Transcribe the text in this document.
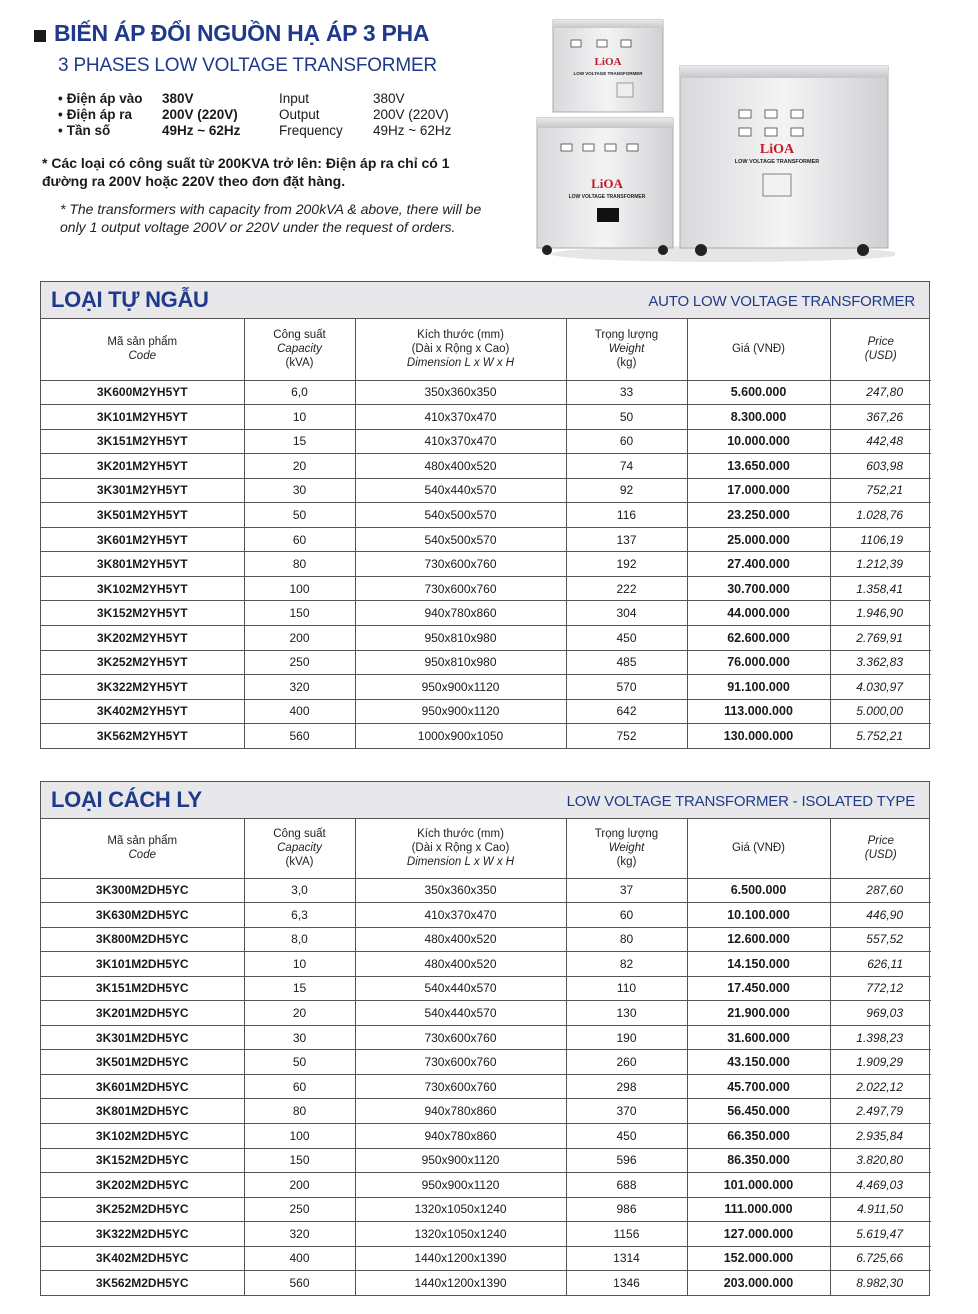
BIẾN ÁP ĐỔI NGUỒN HẠ ÁP 3 PHA
3 PHASES LOW VOLTAGE TRANSFORMER
• Điện áp vào	380V	Input	380V
• Điện áp ra	200V (220V)	Output	200V (220V)
• Tần số	49Hz ~ 62Hz	Frequency	49Hz ~ 62Hz
* Các loại có công suất từ 200KVA trở lên: Điện áp ra chỉ có 1 đường ra 200V hoặc 220V theo đơn đặt hàng.
* The transformers with capacity from 200kVA & above, there will be only 1 output voltage 200V or 220V under the request of orders.
LiOA
LOW VOLTAGE TRANSFORMER
LiOA
LOW VOLTAGE TRANSFORMER
LiOA
LOW VOLTAGE TRANSFORMER
LOẠI TỰ NGẪU	AUTO LOW VOLTAGE TRANSFORMER
Mã sản phẩm
Code	Công suất
Capacity
(kVA)	Kích thước (mm)
(Dài x Rộng x Cao)
Dimension L x W x H	Trọng lượng
Weight
(kg)	Giá (VNĐ)	Price
(USD)

3K600M2YH5YT	6,0	350x360x350	33	5.600.000	247,80
3K101M2YH5YT	10	410x370x470	50	8.300.000	367,26
3K151M2YH5YT	15	410x370x470	60	10.000.000	442,48
3K201M2YH5YT	20	480x400x520	74	13.650.000	603,98
3K301M2YH5YT	30	540x440x570	92	17.000.000	752,21
3K501M2YH5YT	50	540x500x570	116	23.250.000	1.028,76
3K601M2YH5YT	60	540x500x570	137	25.000.000	1106,19
3K801M2YH5YT	80	730x600x760	192	27.400.000	1.212,39
3K102M2YH5YT	100	730x600x760	222	30.700.000	1.358,41
3K152M2YH5YT	150	940x780x860	304	44.000.000	1.946,90
3K202M2YH5YT	200	950x810x980	450	62.600.000	2.769,91
3K252M2YH5YT	250	950x810x980	485	76.000.000	3.362,83
3K322M2YH5YT	320	950x900x1120	570	91.100.000	4.030,97
3K402M2YH5YT	400	950x900x1120	642	113.000.000	5.000,00
3K562M2YH5YT	560	1000x900x1050	752	130.000.000	5.752,21
LOẠI CÁCH LY	LOW VOLTAGE TRANSFORMER - ISOLATED TYPE
Mã sản phẩm
Code	Công suất
Capacity
(kVA)	Kích thước (mm)
(Dài x Rộng x Cao)
Dimension L x W x H	Trọng lượng
Weight
(kg)	Giá (VNĐ)	Price
(USD)

3K300M2DH5YC	3,0	350x360x350	37	6.500.000	287,60
3K630M2DH5YC	6,3	410x370x470	60	10.100.000	446,90
3K800M2DH5YC	8,0	480x400x520	80	12.600.000	557,52
3K101M2DH5YC	10	480x400x520	82	14.150.000	626,11
3K151M2DH5YC	15	540x440x570	110	17.450.000	772,12
3K201M2DH5YC	20	540x440x570	130	21.900.000	969,03
3K301M2DH5YC	30	730x600x760	190	31.600.000	1.398,23
3K501M2DH5YC	50	730x600x760	260	43.150.000	1.909,29
3K601M2DH5YC	60	730x600x760	298	45.700.000	2.022,12
3K801M2DH5YC	80	940x780x860	370	56.450.000	2.497,79
3K102M2DH5YC	100	940x780x860	450	66.350.000	2.935,84
3K152M2DH5YC	150	950x900x1120	596	86.350.000	3.820,80
3K202M2DH5YC	200	950x900x1120	688	101.000.000	4.469,03
3K252M2DH5YC	250	1320x1050x1240	986	111.000.000	4.911,50
3K322M2DH5YC	320	1320x1050x1240	1156	127.000.000	5.619,47
3K402M2DH5YC	400	1440x1200x1390	1314	152.000.000	6.725,66
3K562M2DH5YC	560	1440x1200x1390	1346	203.000.000	8.982,30
